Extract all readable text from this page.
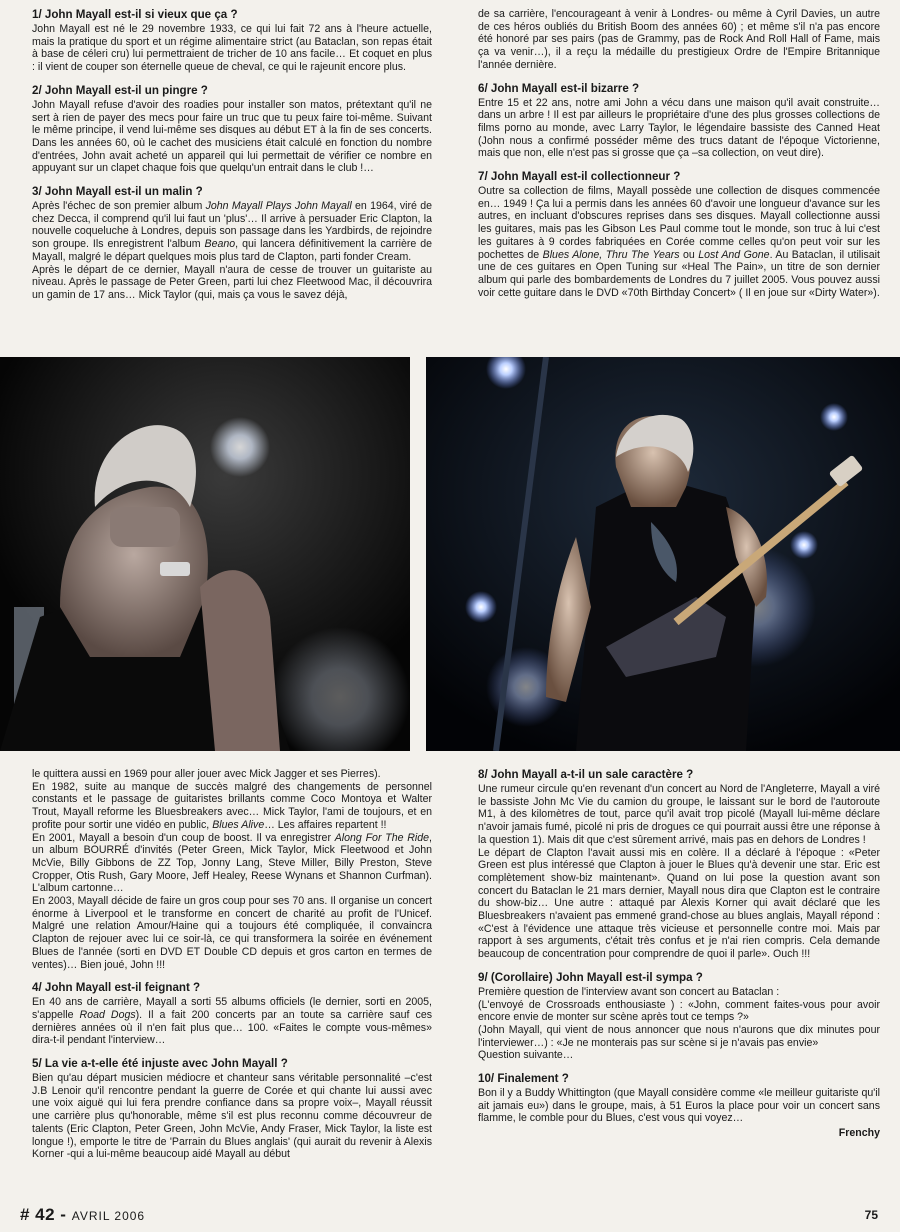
1/ John Mayall est-il si vieux que ça ?

John Mayall est né le 29 novembre 1933, ce qui lui fait 72 ans à l'heure actuelle, mais la pratique du sport et un régime alimentaire strict (au Bataclan, son repas était à base de céleri cru) lui permettraient de tricher de 10 ans facile… Et coquet en plus : il vient de couper son éternelle queue de cheval, ce qui le rajeunit encore plus.

2/ John Mayall est-il un pingre ?

John Mayall refuse d'avoir des roadies pour installer son matos, prétextant qu'il ne sert à rien de payer des mecs pour faire un truc que tu peux faire toi-même. Suivant le même principe, il vend lui-même ses disques au début ET à la fin de ses concerts. Dans les années 60, où le cachet des musiciens était calculé en fonction du nombre d'entrées, John avait acheté un appareil qui lui permettait de vérifier ce nombre en appuyant sur un clapet chaque fois que quelqu'un entrait dans le club !…

3/ John Mayall est-il un malin ?

Après l'échec de son premier album John Mayall Plays John Mayall en 1964, viré de chez Decca, il comprend qu'il lui faut un 'plus'… Il arrive à persuader Eric Clapton, la nouvelle coqueluche à Londres, depuis son passage dans les Yardbirds, de rejoindre son groupe. Ils enregistrent l'album Beano, qui lancera définitivement la carrière de Mayall, malgré le départ quelques mois plus tard de Clapton, parti fonder Cream.

Après le départ de ce dernier, Mayall n'aura de cesse de trouver un guitariste au niveau. Après le passage de Peter Green, parti lui chez Fleetwood Mac, il découvrira un gamin de 17 ans… Mick Taylor (qui, mais ça vous le savez déjà,

de sa carrière, l'encourageant à venir à Londres- ou même à Cyril Davies, un autre de ces héros oubliés du British Boom des années 60) ; et même s'il n'a pas encore été honoré par ses pairs (pas de Grammy, pas de Rock And Roll Hall of Fame, mais ça va venir…), il a reçu la médaille du prestigieux Ordre de l'Empire Britannique l'année dernière.

6/ John Mayall est-il bizarre ?

Entre 15 et 22 ans, notre ami John a vécu dans une maison qu'il avait construite… dans un arbre ! Il est par ailleurs le propriétaire d'une des plus grosses collections de films porno au monde, avec Larry Taylor, le légendaire bassiste des Canned Heat (John nous a confirmé posséder même des trucs datant de l'époque Victorienne, mais que non, elle n'est pas si grosse que ça –sa collection, on veut dire).

7/ John Mayall est-il collectionneur ?

Outre sa collection de films, Mayall possède une collection de disques commencée en… 1949 ! Ça lui a permis dans les années 60 d'avoir une longueur d'avance sur les autres, en incluant d'obscures reprises dans ses disques. Mayall collectionne aussi les guitares, mais pas les Gibson Les Paul comme tout le monde, son truc à lui c'est les guitares à 9 cordes fabriquées en Corée comme celles qu'on peut voir sur les pochettes de Blues Alone, Thru The Years ou Lost And Gone. Au Bataclan, il utilisait une de ces guitares en Open Tuning sur «Heal The Pain», un titre de son dernier album qui parle des bombardements de Londres du 7 juillet 2005. Vous pouvez aussi voir cette guitare dans le DVD «70th Birthday Concert» ( Il en joue sur «Dirty Water»).

le quittera aussi en 1969 pour aller jouer avec Mick Jagger et ses Pierres).

En 1982, suite au manque de succès malgré des changements de personnel constants et le passage de guitaristes brillants comme Coco Montoya et Walter Trout, Mayall reforme les Bluesbreakers avec… Mick Taylor, l'ami de toujours, et en profite pour sortir une vidéo en public, Blues Alive… Les affaires repartent !!

En 2001, Mayall a besoin d'un coup de boost. Il va enregistrer Along For The Ride, un album BOURRÉ d'invités (Peter Green, Mick Taylor, Mick Fleetwood et John McVie, Billy Gibbons de ZZ Top, Jonny Lang, Steve Miller, Billy Preston, Steve Cropper, Otis Rush, Gary Moore, Jeff Healey, Reese Wynans et Shannon Curfman). L'album cartonne…

En 2003, Mayall décide de faire un gros coup pour ses 70 ans. Il organise un concert énorme à Liverpool et le transforme en concert de charité au profit de l'Unicef. Malgré une relation Amour/Haine qui a toujours été compliquée, il convaincra Clapton de rejouer avec lui ce soir-là, ce qui transformera la soirée en événement Blues de l'année (sorti en DVD ET Double CD depuis et gros carton en termes de ventes)… Bien joué, John !!!

4/ John Mayall est-il feignant ?

En 40 ans de carrière, Mayall a sorti 55 albums officiels (le dernier, sorti en 2005, s'appelle Road Dogs). Il a fait 200 concerts par an toute sa carrière sauf ces dernières années où il n'en fait plus que… 100. «Faites le compte vous-mêmes» dira-t-il pendant l'interview…

5/ La vie a-t-elle été injuste avec John Mayall ?

Bien qu'au départ musicien médiocre et chanteur sans véritable personnalité –c'est J.B Lenoir qu'il rencontre pendant la guerre de Corée et qui chante lui aussi avec une voix aiguë qui lui fera prendre confiance dans sa propre voix–, Mayall réussit une carrière plus qu'honorable, même s'il est plus reconnu comme découvreur de talents (Eric Clapton, Peter Green, John McVie, Andy Fraser, Mick Taylor, la liste est longue !), emporte le titre de 'Parrain du Blues anglais' (qui aurait du revenir à Alexis Korner -qui a lui-même beaucoup aidé Mayall au début

8/ John Mayall a-t-il un sale caractère ?

Une rumeur circule qu'en revenant d'un concert au Nord de l'Angleterre, Mayall a viré le bassiste John Mc Vie du camion du groupe, le laissant sur le bord de l'autoroute M1, à des kilomètres de tout, parce qu'il avait trop picolé (Mayall lui-même déclare n'avoir jamais fumé, picolé ni pris de drogues ce qui pourrait aussi être une réponse à la question 1). Mais dit que c'est sûrement arrivé, mais pas en dehors de Londres !

Le départ de Clapton l'avait aussi mis en colère. Il a déclaré à l'époque : «Peter Green est plus intéressé que Clapton à jouer le Blues qu'à devenir une star. Eric est complètement show-biz maintenant». Quand on lui pose la question avant son concert du Bataclan le 21 mars dernier, Mayall nous dira que Clapton est le contraire du show-biz… Une autre : attaqué par Alexis Korner qui avait déclaré que les Bluesbreakers n'avaient pas emmené grand-chose au blues anglais, Mayall répond : «C'est à l'évidence une attaque très vicieuse et personnelle contre moi. Mais par rapport à ses arguments, c'était très confus et je n'ai rien compris. Cela demande beaucoup de concentration pour comprendre de quoi il parle». Ouch !!!

9/ (Corollaire) John Mayall est-il sympa ?

Première question de l'interview avant son concert au Bataclan :

(L'envoyé de Crossroads enthousiaste ) : «John, comment faites-vous pour avoir encore envie de monter sur scène après tout ce temps ?»

(John Mayall, qui vient de nous annoncer que nous n'aurons que dix minutes pour l'interviewer…) : «Je ne monterais pas sur scène si je n'avais pas envie»

Question suivante…

10/ Finalement ?

Bon il y a Buddy Whittington (que Mayall considère comme «le meilleur guitariste qu'il ait jamais eu») dans le groupe, mais, à 51 Euros la place pour voir un concert sans flamme, le comble pour du Blues, c'est vous qui voyez…

Frenchy
# 42 - AVRIL 2006	75
